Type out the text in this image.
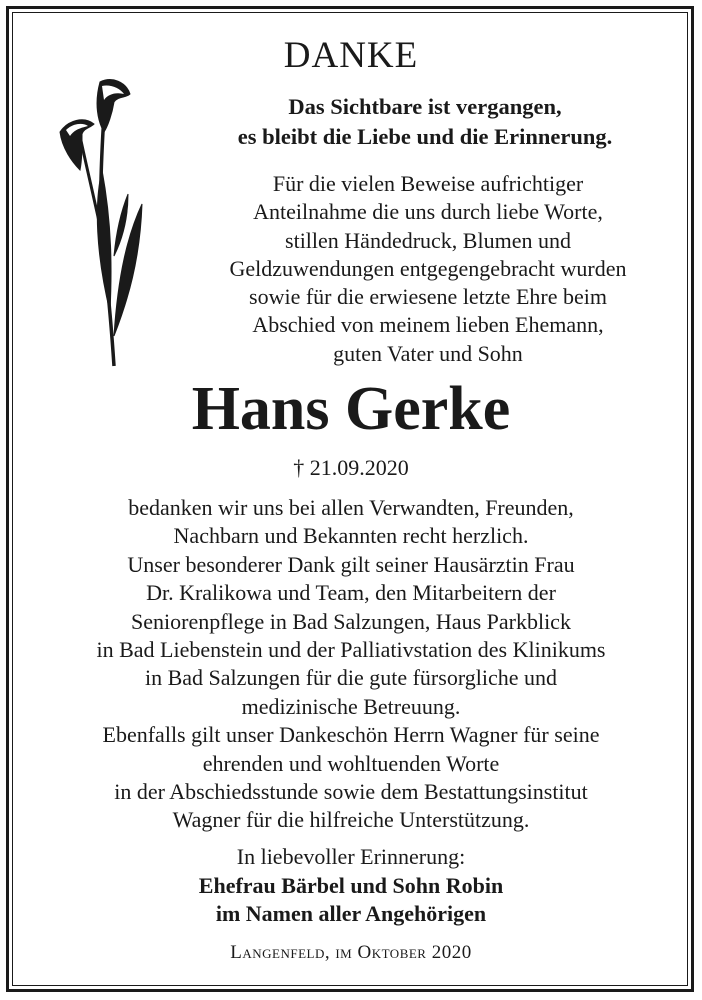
DANKE
Das Sichtbare ist vergangen,
es bleibt die Liebe und die Erinnerung.
Für die vielen Beweise aufrichtiger
Anteilnahme die uns durch liebe Worte,
stillen Händedruck, Blumen und
Geldzuwendungen entgegengebracht wurden
sowie für die erwiesene letzte Ehre beim
Abschied von meinem lieben Ehemann,
guten Vater und Sohn
Hans Gerke
† 21.09.2020
bedanken wir uns bei allen Verwandten, Freunden,
Nachbarn und Bekannten recht herzlich.
Unser besonderer Dank gilt seiner Hausärztin Frau
Dr. Kralikowa und Team, den Mitarbeitern der
Seniorenpflege in Bad Salzungen, Haus Parkblick
in Bad Liebenstein und der Palliativstation des Klinikums
in Bad Salzungen für die gute fürsorgliche und
medizinische Betreuung.
Ebenfalls gilt unser Dankeschön Herrn Wagner für seine
ehrenden und wohltuenden Worte
in der Abschiedsstunde sowie dem Bestattungsinstitut
Wagner für die hilfreiche Unterstützung.
In liebevoller Erinnerung:
Ehefrau Bärbel und Sohn Robin
im Namen aller Angehörigen
Langenfeld, im Oktober 2020
